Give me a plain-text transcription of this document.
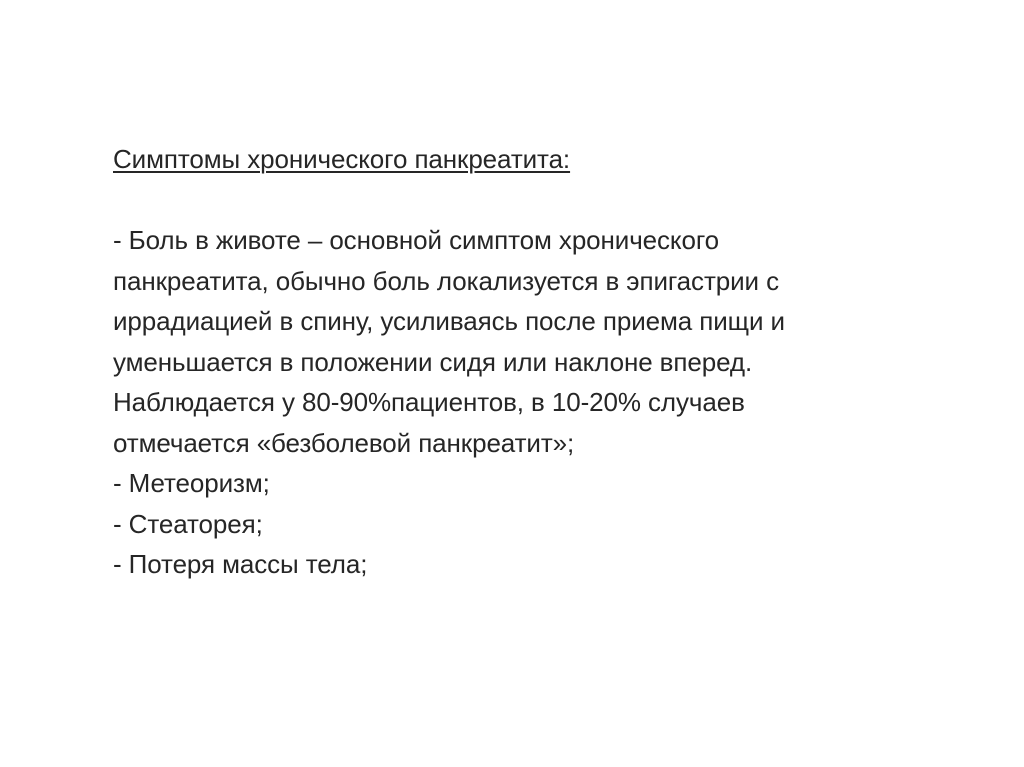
Симптомы хронического панкреатита:

- Боль в животе – основной симптом хронического

панкреатита, обычно боль локализуется в эпигастрии с

иррадиацией в спину, усиливаясь после приема пищи и

уменьшается в положении сидя или наклоне вперед.

Наблюдается у 80-90%пациентов, в 10-20% случаев

отмечается «безболевой панкреатит»;

- Метеоризм;

- Стеаторея;

- Потеря массы тела;
